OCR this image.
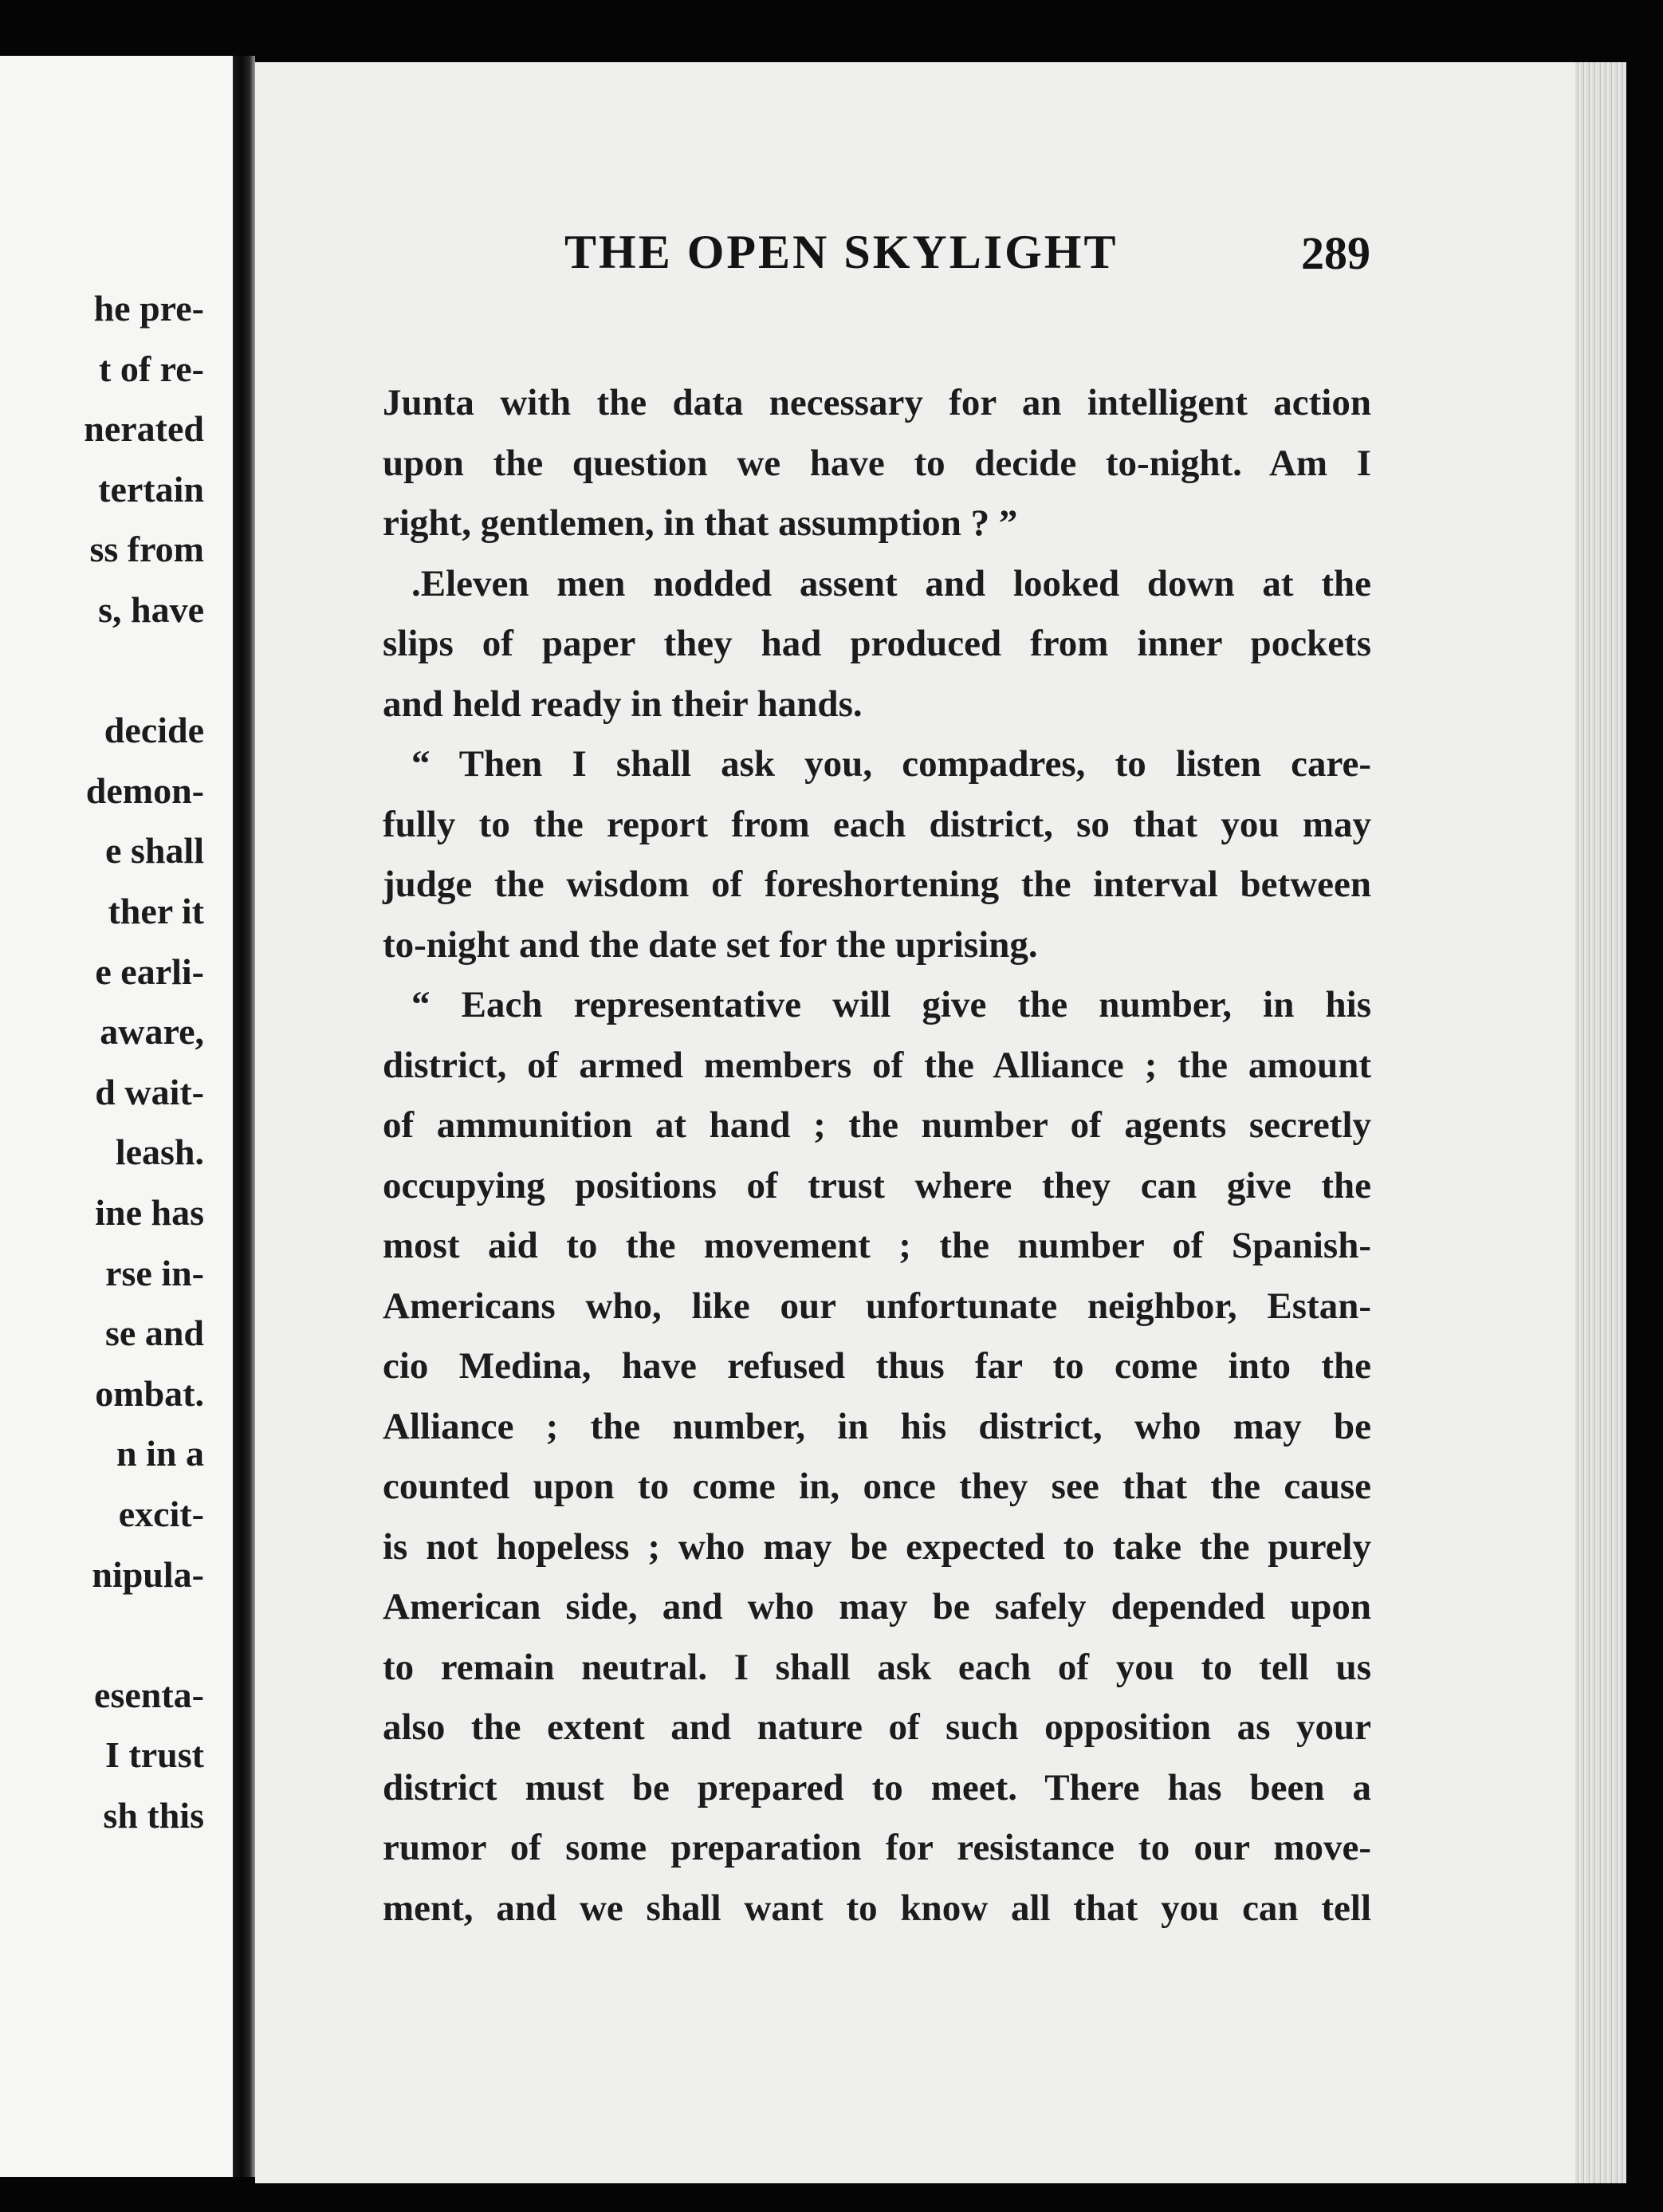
he pre-
t of re-
nerated
tertain
ss from
s, have
decide
demon-
e shall
ther it
e earli-
aware,
d wait-
leash.
ine has
rse in-
se and
ombat.
n in a
excit-
nipula-
esenta-
I trust
sh this
THE OPEN SKYLIGHT	289
Junta with the data necessary for an intelligent action
upon the question we have to decide to-night. Am I
right, gentlemen, in that assumption ? ”
.Eleven men nodded assent and looked down at the
slips of paper they had produced from inner pockets
and held ready in their hands.
“ Then I shall ask you, compadres, to listen care-
fully to the report from each district, so that you may
judge the wisdom of foreshortening the interval between
to-night and the date set for the uprising.
“ Each representative will give the number, in his
district, of armed members of the Alliance ; the amount
of ammunition at hand ; the number of agents secretly
occupying positions of trust where they can give the
most aid to the movement ; the number of Spanish-
Americans who, like our unfortunate neighbor, Estan-
cio Medina, have refused thus far to come into the
Alliance ; the number, in his district, who may be
counted upon to come in, once they see that the cause
is not hopeless ; who may be expected to take the purely
American side, and who may be safely depended upon
to remain neutral. I shall ask each of you to tell us
also the extent and nature of such opposition as your
district must be prepared to meet. There has been a
rumor of some preparation for resistance to our move-
ment, and we shall want to know all that you can tell
